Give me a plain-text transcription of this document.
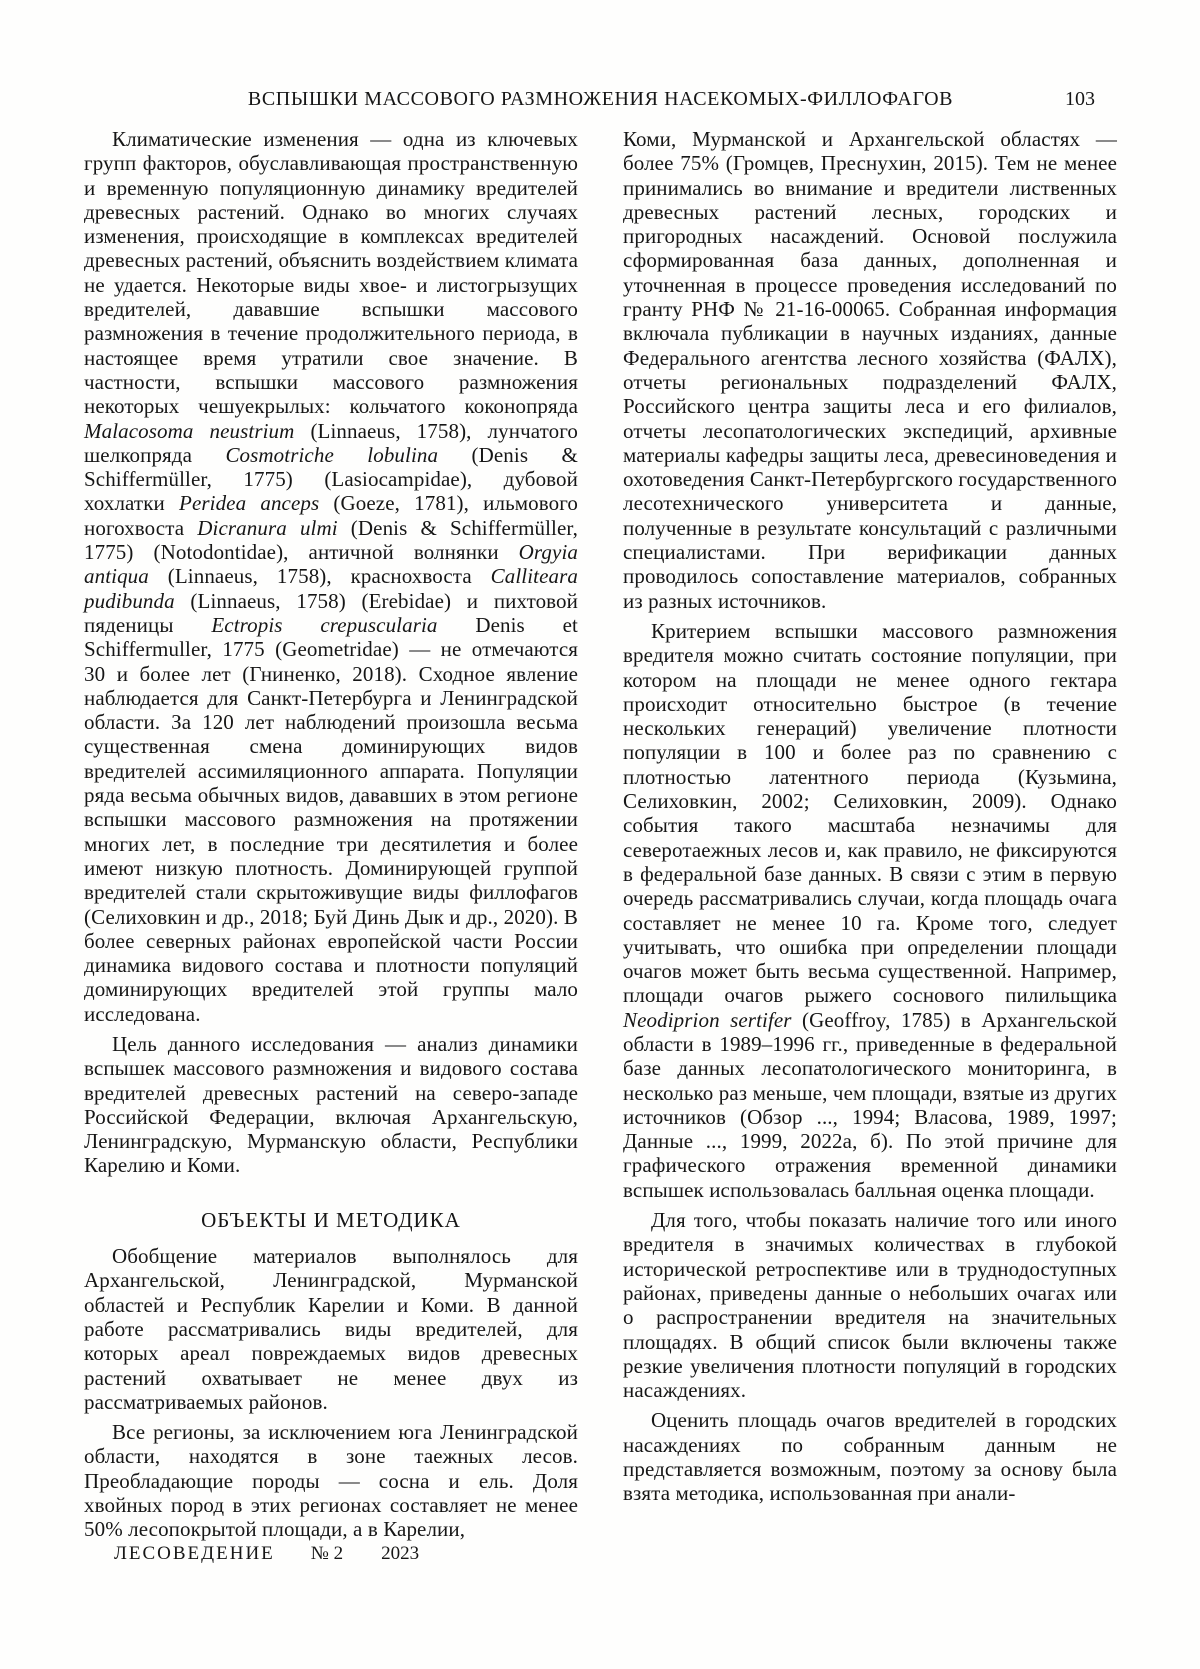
ВСПЫШКИ МАССОВОГО РАЗМНОЖЕНИЯ НАСЕКОМЫХ-ФИЛЛОФАГОВ	103

Климатические изменения — одна из ключевых групп факторов, обуславливающая пространственную и временную популяционную динамику вредителей древесных растений. Однако во многих случаях изменения, происходящие в комплексах вредителей древесных растений, объяснить воздействием климата не удается. Некоторые виды хвое- и листогрызущих вредителей, дававшие вспышки массового размножения в течение продолжительного периода, в настоящее время утратили свое значение. В частности, вспышки массового размножения некоторых чешуекрылых: кольчатого коконопряда Malacosoma neustrium (Linnaeus, 1758), лунчатого шелкопряда Cosmotriche lobulina (Denis & Schiffermüller, 1775) (Lasiocampidae), дубовой хохлатки Peridea anceps (Goeze, 1781), ильмового ногохвоста Dicranura ulmi (Denis & Schiffermüller, 1775) (Notodontidae), античной волнянки Orgyia antiqua (Linnaeus, 1758), краснохвоста Calliteara pudibunda (Linnaeus, 1758) (Erebidae) и пихтовой пяденицы Ectropis crepuscularia Denis et Schiffermuller, 1775 (Geometridae) — не отмечаются 30 и более лет (Гниненко, 2018). Сходное явление наблюдается для Санкт-Петербурга и Ленинградской области. За 120 лет наблюдений произошла весьма существенная смена доминирующих видов вредителей ассимиляционного аппарата. Популяции ряда весьма обычных видов, дававших в этом регионе вспышки массового размножения на протяжении многих лет, в последние три десятилетия и более имеют низкую плотность. Доминирующей группой вредителей стали скрытоживущие виды филлофагов (Селиховкин и др., 2018; Буй Динь Дык и др., 2020). В более северных районах европейской части России динамика видового состава и плотности популяций доминирующих вредителей этой группы мало исследована.

Цель данного исследования — анализ динамики вспышек массового размножения и видового состава вредителей древесных растений на северо-западе Российской Федерации, включая Архангельскую, Ленинградскую, Мурманскую области, Республики Карелию и Коми.

ОБЪЕКТЫ И МЕТОДИКА

Обобщение материалов выполнялось для Архангельской, Ленинградской, Мурманской областей и Республик Карелии и Коми. В данной работе рассматривались виды вредителей, для которых ареал повреждаемых видов древесных растений охватывает не менее двух из рассматриваемых районов.

Все регионы, за исключением юга Ленинградской области, находятся в зоне таежных лесов. Преобладающие породы — сосна и ель. Доля хвойных пород в этих регионах составляет не менее 50% лесопокрытой площади, а в Карелии,

Коми, Мурманской и Архангельской областях — более 75% (Громцев, Преснухин, 2015). Тем не менее принимались во внимание и вредители лиственных древесных растений лесных, городских и пригородных насаждений. Основой послужила сформированная база данных, дополненная и уточненная в процессе проведения исследований по гранту РНФ № 21-16-00065. Собранная информация включала публикации в научных изданиях, данные Федерального агентства лесного хозяйства (ФАЛХ), отчеты региональных подразделений ФАЛХ, Российского центра защиты леса и его филиалов, отчеты лесопатологических экспедиций, архивные материалы кафедры защиты леса, древесиноведения и охотоведения Санкт-Петербургского государственного лесотехнического университета и данные, полученные в результате консультаций с различными специалистами. При верификации данных проводилось сопоставление материалов, собранных из разных источников.

Критерием вспышки массового размножения вредителя можно считать состояние популяции, при котором на площади не менее одного гектара происходит относительно быстрое (в течение нескольких генераций) увеличение плотности популяции в 100 и более раз по сравнению с плотностью латентного периода (Кузьмина, Селиховкин, 2002; Селиховкин, 2009). Однако события такого масштаба незначимы для северотаежных лесов и, как правило, не фиксируются в федеральной базе данных. В связи с этим в первую очередь рассматривались случаи, когда площадь очага составляет не менее 10 га. Кроме того, следует учитывать, что ошибка при определении площади очагов может быть весьма существенной. Например, площади очагов рыжего соснового пилильщика Neodiprion sertifer (Geoffroy, 1785) в Архангельской области в 1989–1996 гг., приведенные в федеральной базе данных лесопатологического мониторинга, в несколько раз меньше, чем площади, взятые из других источников (Обзор ..., 1994; Власова, 1989, 1997; Данные ..., 1999, 2022а, б). По этой причине для графического отражения временной динамики вспышек использовалась балльная оценка площади.

Для того, чтобы показать наличие того или иного вредителя в значимых количествах в глубокой исторической ретроспективе или в труднодоступных районах, приведены данные о небольших очагах или о распространении вредителя на значительных площадях. В общий список были включены также резкие увеличения плотности популяций в городских насаждениях.

Оценить площадь очагов вредителей в городских насаждениях по собранным данным не представляется возможным, поэтому за основу была взята методика, использованная при анали-

ЛЕСОВЕДЕНИЕ № 2 2023
